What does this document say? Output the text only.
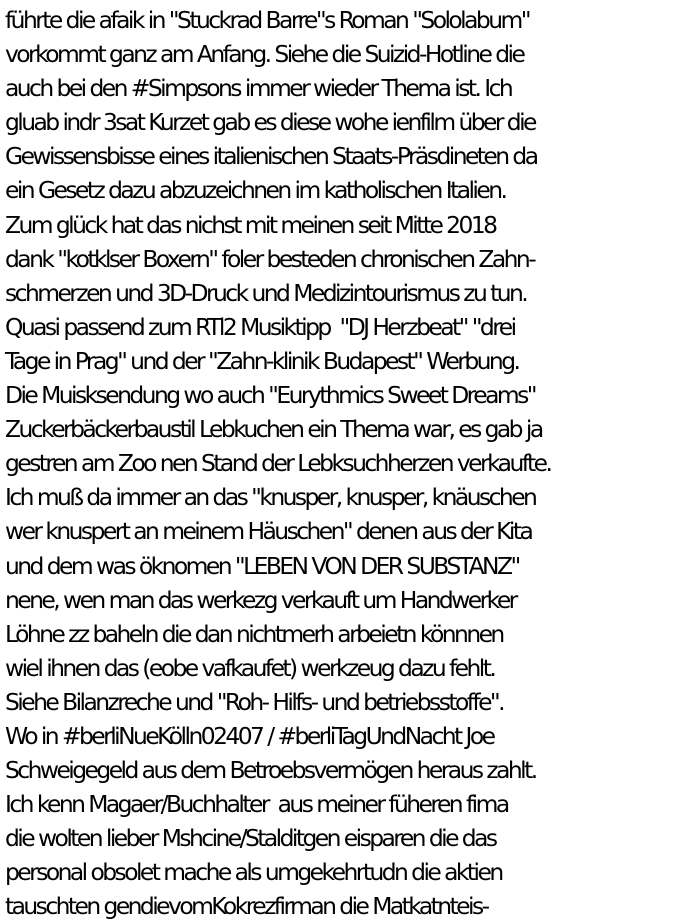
führte die afaik in "Stuckrad Barre"s Roman "Sololabum"
vorkommt ganz am Anfang. Siehe die Suizid-Hotline die
auch bei den #Simpsons immer wieder Thema ist. Ich
gluab indr 3sat Kurzet gab es diese wohe ienfilm über die
Gewissensbisse eines italienischen Staats-Präsdineten da
ein Gesetz dazu abzuzeichnen im katholischen Italien.
Zum glück hat das nichst mit meinen seit Mitte 2018
dank "kotklser Boxern" foler besteden chronischen Zahn-
schmerzen und 3D-Druck und Medizintourismus zu tun.
Quasi passend zum RTl2 Musiktipp  "DJ Herzbeat" "drei
Tage in Prag" und der "Zahn-klinik Budapest" Werbung.
Die Muisksendung wo auch "Eurythmics Sweet Dreams"
Zuckerbäckerbaustil Lebkuchen ein Thema war, es gab ja
gestren am Zoo nen Stand der Lebksuchherzen verkaufte.
Ich muß da immer an das "knusper, knusper, knäuschen
wer knuspert an meinem Häuschen" denen aus der Kita
und dem was öknomen "LEBEN VON DER SUBSTANZ"
nene, wen man das werkezg verkauft um Handwerker
Löhne zz baheln die dan nichtmerh arbeietn könnnen
wiel ihnen das (eobe vafkaufet) werkzeug dazu fehlt.
Siehe Bilanzreche und "Roh- Hilfs- und betriebsstoffe".
Wo in #berliNueKölln02407 / #berliTagUndNacht Joe
Schweigegeld aus dem Betroebsvermögen heraus zahlt.
Ich kenn Magaer/Buchhalter  aus meiner füheren fima
die wolten lieber Mshcine/Stalditgen eisparen die das
personal obsolet mache als umgekehrtudn die aktien
tauschten gendievomKokrezfirman die Matkatnteis-
